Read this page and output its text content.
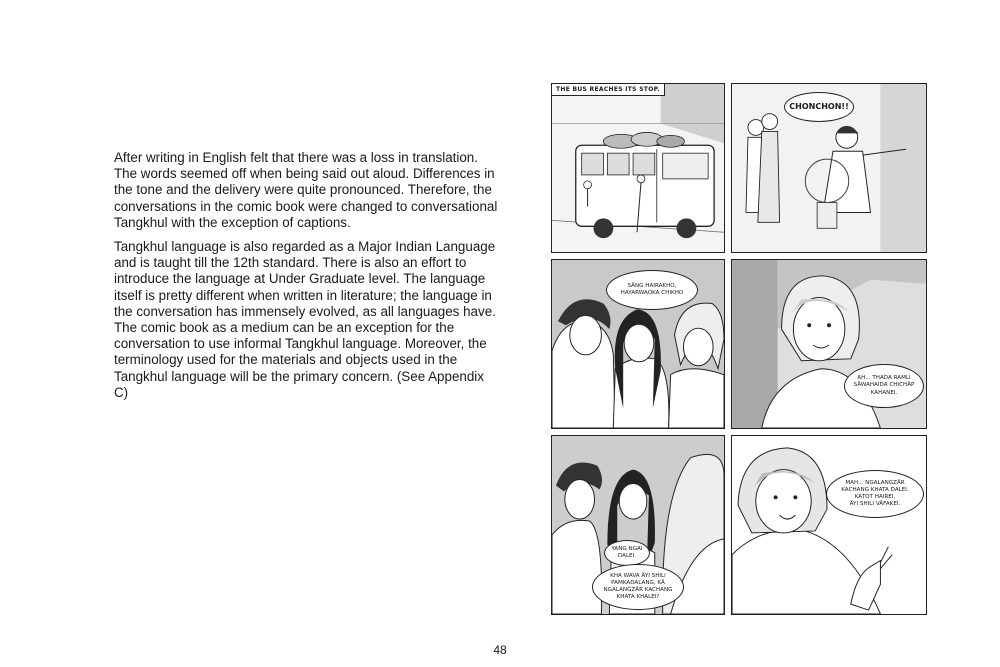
After writing in English felt that there was a loss in translation. The words seemed off when being said out aloud. Differences in the tone and the delivery were quite pronounced. Therefore, the conversations in the comic book were changed to conversational Tangkhul with the exception of captions.

Tangkhul language is also regarded as a Major Indian Language and is taught till the 12th standard. There is also an effort to introduce the language at Under Graduate level. The language itself is pretty different when written in literature; the language in the conversation has immensely evolved, as all languages have. The comic book as a medium can be an exception for the conversation to use informal Tangkhul language. Moreover, the terminology used for the materials and objects used in the Tangkhul language will be the primary concern. (See Appendix C)

THE BUS REACHES ITS STOP.
CHONCHON!!
SÄNG HAIRAKHO,
HAYARWAOKA CHIKHO
AH... THADA RAMLI
SÄWAHAIDA CHICHÄP
KAHANEI.
YANG NGAI
DALEI.
KHA WAVA ÄYI SHILI
PAMKADALANG, KÄ
NGALANGZÄR KACHANG
KHATA KHALEI?
MAH... NGALANGZÄR
KACHANG KHATA DALEI.
KATOT HAIREI,
ÄYI SHILI VÄFAKEI.
48
